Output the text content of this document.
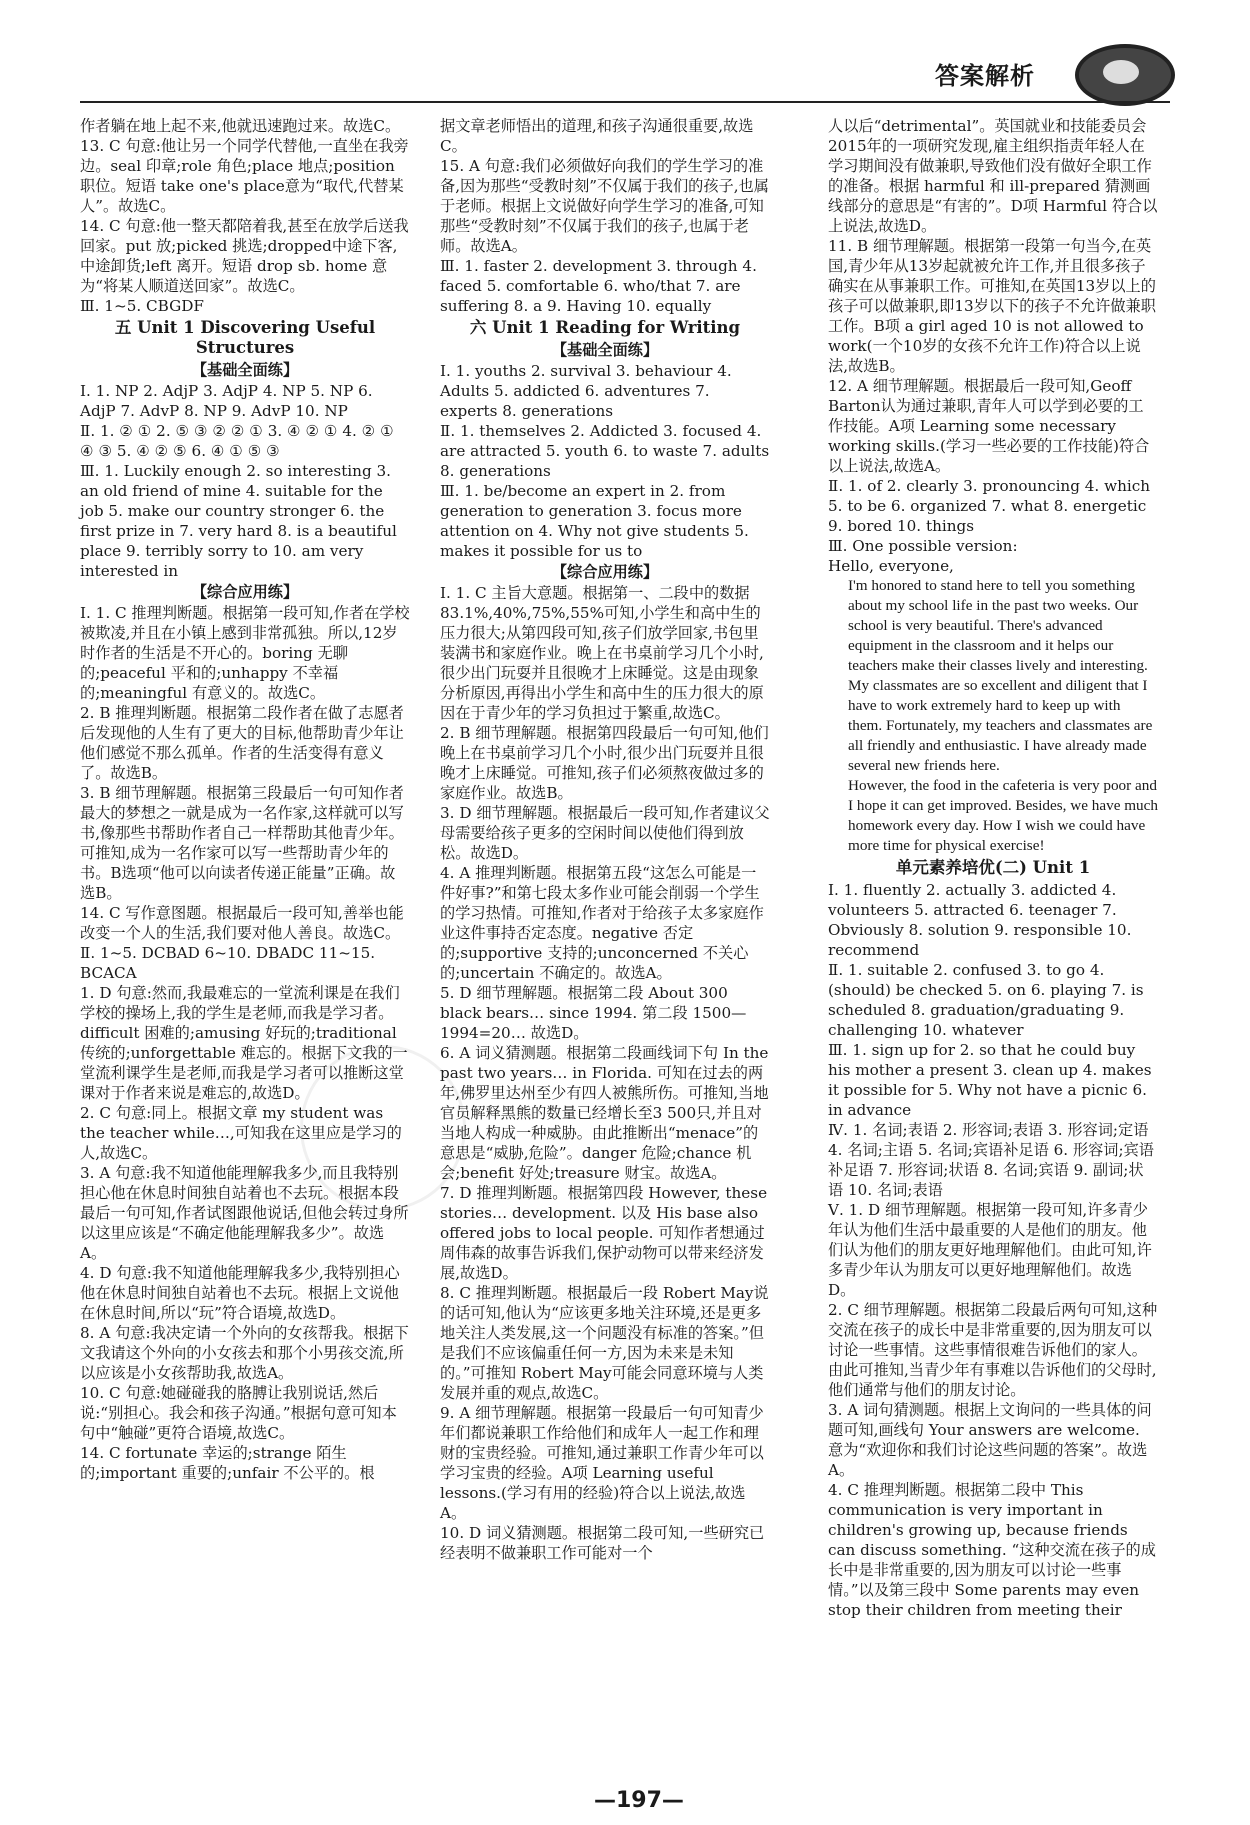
答案解析

作者躺在地上起不来,他就迅速跑过来。故选C。

13. C 句意:他让另一个同学代替他,一直坐在我旁边。seal 印章;role 角色;place 地点;position 职位。短语 take one's place意为“取代,代替某人”。故选C。

14. C 句意:他一整天都陪着我,甚至在放学后送我回家。put 放;picked 挑选;dropped中途下客,中途卸货;left 离开。短语 drop sb. home 意为“将某人顺道送回家”。故选C。

Ⅲ. 1~5. CBGDF

五 Unit 1 Discovering Useful Structures

【基础全面练】

Ⅰ. 1. NP 2. AdjP 3. AdjP 4. NP 5. NP 6. AdjP 7. AdvP 8. NP 9. AdvP 10. NP

Ⅱ. 1. ② ① 2. ⑤ ③ ② ② ① 3. ④ ② ① 4. ② ① ④ ③ 5. ④ ② ⑤ 6. ④ ① ⑤ ③

Ⅲ. 1. Luckily enough 2. so interesting 3. an old friend of mine 4. suitable for the job 5. make our country stronger 6. the first prize in 7. very hard 8. is a beautiful place 9. terribly sorry to 10. am very interested in

【综合应用练】

Ⅰ. 1. C 推理判断题。根据第一段可知,作者在学校被欺凌,并且在小镇上感到非常孤独。所以,12岁时作者的生活是不开心的。boring 无聊的;peaceful 平和的;unhappy 不幸福的;meaningful 有意义的。故选C。

2. B 推理判断题。根据第二段作者在做了志愿者后发现他的人生有了更大的目标,他帮助青少年让他们感觉不那么孤单。作者的生活变得有意义了。故选B。

3. B 细节理解题。根据第三段最后一句可知作者最大的梦想之一就是成为一名作家,这样就可以写书,像那些书帮助作者自己一样帮助其他青少年。可推知,成为一名作家可以写一些帮助青少年的书。B选项“他可以向读者传递正能量”正确。故选B。

14. C 写作意图题。根据最后一段可知,善举也能改变一个人的生活,我们要对他人善良。故选C。

Ⅱ. 1~5. DCBAD 6~10. DBADC 11~15. BCACA

1. D 句意:然而,我最难忘的一堂流利课是在我们学校的操场上,我的学生是老师,而我是学习者。difficult 困难的;amusing 好玩的;traditional 传统的;unforgettable 难忘的。根据下文我的一堂流利课学生是老师,而我是学习者可以推断这堂课对于作者来说是难忘的,故选D。

2. C 句意:同上。根据文章 my student was the teacher while…,可知我在这里应是学习的人,故选C。

3. A 句意:我不知道他能理解我多少,而且我特别担心他在休息时间独自站着也不去玩。根据本段最后一句可知,作者试图跟他说话,但他会转过身所以这里应该是“不确定他能理解我多少”。故选A。

4. D 句意:我不知道他能理解我多少,我特别担心他在休息时间独自站着也不去玩。根据上文说他在休息时间,所以“玩”符合语境,故选D。

8. A 句意:我决定请一个外向的女孩帮我。根据下文我请这个外向的小女孩去和那个小男孩交流,所以应该是小女孩帮助我,故选A。

10. C 句意:她碰碰我的胳膊让我别说话,然后说:“别担心。我会和孩子沟通。”根据句意可知本句中“触碰”更符合语境,故选C。

14. C fortunate 幸运的;strange 陌生的;important 重要的;unfair 不公平的。根

据文章老师悟出的道理,和孩子沟通很重要,故选C。

15. A 句意:我们必须做好向我们的学生学习的准备,因为那些“受教时刻”不仅属于我们的孩子,也属于老师。根据上文说做好向学生学习的准备,可知那些“受教时刻”不仅属于我们的孩子,也属于老师。故选A。

Ⅲ. 1. faster 2. development 3. through 4. faced 5. comfortable 6. who/that 7. are suffering 8. a 9. Having 10. equally

六 Unit 1 Reading for Writing

【基础全面练】

Ⅰ. 1. youths 2. survival 3. behaviour 4. Adults 5. addicted 6. adventures 7. experts 8. generations

Ⅱ. 1. themselves 2. Addicted 3. focused 4. are attracted 5. youth 6. to waste 7. adults 8. generations

Ⅲ. 1. be/become an expert in 2. from generation to generation 3. focus more attention on 4. Why not give students 5. makes it possible for us to

【综合应用练】

Ⅰ. 1. C 主旨大意题。根据第一、二段中的数据83.1%,40%,75%,55%可知,小学生和高中生的压力很大;从第四段可知,孩子们放学回家,书包里装满书和家庭作业。晚上在书桌前学习几个小时,很少出门玩耍并且很晚才上床睡觉。这是由现象分析原因,再得出小学生和高中生的压力很大的原因在于青少年的学习负担过于繁重,故选C。

2. B 细节理解题。根据第四段最后一句可知,他们晚上在书桌前学习几个小时,很少出门玩耍并且很晚才上床睡觉。可推知,孩子们必须熬夜做过多的家庭作业。故选B。

3. D 细节理解题。根据最后一段可知,作者建议父母需要给孩子更多的空闲时间以使他们得到放松。故选D。

4. A 推理判断题。根据第五段“这怎么可能是一件好事?”和第七段太多作业可能会削弱一个学生的学习热情。可推知,作者对于给孩子太多家庭作业这件事持否定态度。negative 否定的;supportive 支持的;unconcerned 不关心的;uncertain 不确定的。故选A。

5. D 细节理解题。根据第二段 About 300 black bears… since 1994. 第二段 1500—1994=20… 故选D。

6. A 词义猜测题。根据第二段画线词下句 In the past two years… in Florida. 可知在过去的两年,佛罗里达州至少有四人被熊所伤。可推知,当地官员解释黑熊的数量已经增长至3 500只,并且对当地人构成一种威胁。由此推断出“menace”的意思是“威胁,危险”。danger 危险;chance 机会;benefit 好处;treasure 财宝。故选A。

7. D 推理判断题。根据第四段 However, these stories… development. 以及 His base also offered jobs to local people. 可知作者想通过周伟森的故事告诉我们,保护动物可以带来经济发展,故选D。

8. C 推理判断题。根据最后一段 Robert May说的话可知,他认为“应该更多地关注环境,还是更多地关注人类发展,这一个问题没有标准的答案。”但是我们不应该偏重任何一方,因为未来是未知的。”可推知 Robert May可能会同意环境与人类发展并重的观点,故选C。

9. A 细节理解题。根据第一段最后一句可知青少年们都说兼职工作给他们和成年人一起工作和理财的宝贵经验。可推知,通过兼职工作青少年可以学习宝贵的经验。A项 Learning useful lessons.(学习有用的经验)符合以上说法,故选A。

10. D 词义猜测题。根据第二段可知,一些研究已经表明不做兼职工作可能对一个

人以后“detrimental”。英国就业和技能委员会2015年的一项研究发现,雇主组织指责年轻人在学习期间没有做兼职,导致他们没有做好全职工作的准备。根据 harmful 和 ill-prepared 猜测画线部分的意思是“有害的”。D项 Harmful 符合以上说法,故选D。

11. B 细节理解题。根据第一段第一句当今,在英国,青少年从13岁起就被允许工作,并且很多孩子确实在从事兼职工作。可推知,在英国13岁以上的孩子可以做兼职,即13岁以下的孩子不允许做兼职工作。B项 a girl aged 10 is not allowed to work(一个10岁的女孩不允许工作)符合以上说法,故选B。

12. A 细节理解题。根据最后一段可知,Geoff Barton认为通过兼职,青年人可以学到必要的工作技能。A项 Learning some necessary working skills.(学习一些必要的工作技能)符合以上说法,故选A。

Ⅱ. 1. of 2. clearly 3. pronouncing 4. which 5. to be 6. organized 7. what 8. energetic 9. bored 10. things

Ⅲ. One possible version:

Hello, everyone,

I'm honored to stand here to tell you something about my school life in the past two weeks. Our school is very beautiful. There's advanced equipment in the classroom and it helps our teachers make their classes lively and interesting. My classmates are so excellent and diligent that I have to work extremely hard to keep up with them. Fortunately, my teachers and classmates are all friendly and enthusiastic. I have already made several new friends here.

However, the food in the cafeteria is very poor and I hope it can get improved. Besides, we have much homework every day. How I wish we could have more time for physical exercise!

单元素养培优(二) Unit 1

Ⅰ. 1. fluently 2. actually 3. addicted 4. volunteers 5. attracted 6. teenager 7. Obviously 8. solution 9. responsible 10. recommend

Ⅱ. 1. suitable 2. confused 3. to go 4. (should) be checked 5. on 6. playing 7. is scheduled 8. graduation/graduating 9. challenging 10. whatever

Ⅲ. 1. sign up for 2. so that he could buy his mother a present 3. clean up 4. makes it possible for 5. Why not have a picnic 6. in advance

Ⅳ. 1. 名词;表语 2. 形容词;表语 3. 形容词;定语 4. 名词;主语 5. 名词;宾语补足语 6. 形容词;宾语补足语 7. 形容词;状语 8. 名词;宾语 9. 副词;状语 10. 名词;表语

Ⅴ. 1. D 细节理解题。根据第一段可知,许多青少年认为他们生活中最重要的人是他们的朋友。他们认为他们的朋友更好地理解他们。由此可知,许多青少年认为朋友可以更好地理解他们。故选D。

2. C 细节理解题。根据第二段最后两句可知,这种交流在孩子的成长中是非常重要的,因为朋友可以讨论一些事情。这些事情很难告诉他们的家人。由此可推知,当青少年有事难以告诉他们的父母时,他们通常与他们的朋友讨论。

3. A 词句猜测题。根据上文询问的一些具体的问题可知,画线句 Your answers are welcome. 意为“欢迎你和我们讨论这些问题的答案”。故选A。

4. C 推理判断题。根据第二段中 This communication is very important in children's growing up, because friends can discuss something. “这种交流在孩子的成长中是非常重要的,因为朋友可以讨论一些事情。”以及第三段中 Some parents may even stop their children from meeting their

—197—
